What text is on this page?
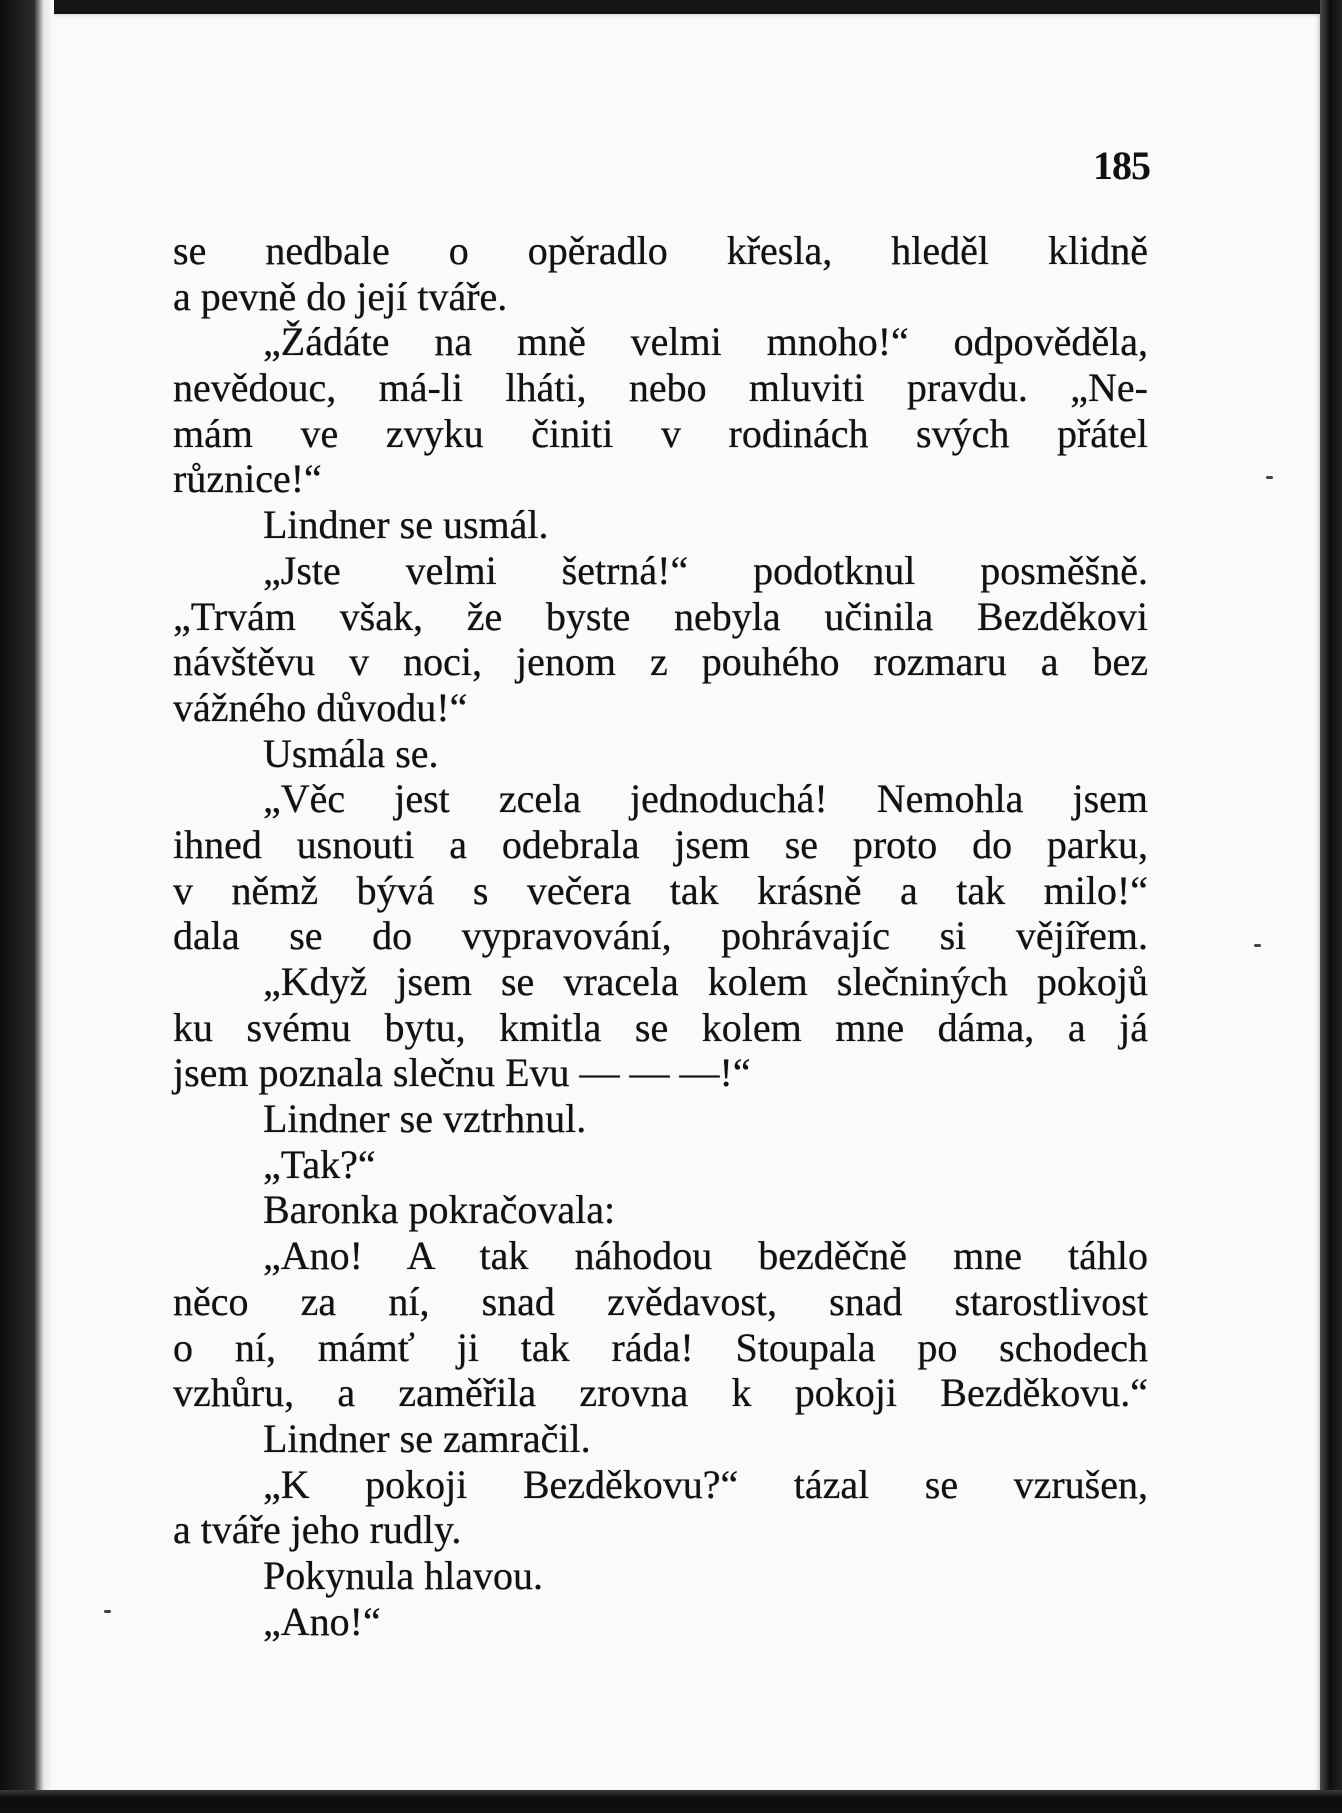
185
se nedbale o opěradlo křesla, hleděl klidně
a pevně do její tváře.
„Žádáte na mně velmi mnoho!“ odpověděla,
nevědouc, má-li lháti, nebo mluviti pravdu. „Ne-
mám ve zvyku činiti v rodinách svých přátel
různice!“
Lindner se usmál.
„Jste velmi šetrná!“ podotknul posměšně.
„Trvám však, že byste nebyla učinila Bezděkovi
návštěvu v noci, jenom z pouhého rozmaru a bez
vážného důvodu!“
Usmála se.
„Věc jest zcela jednoduchá! Nemohla jsem
ihned usnouti a odebrala jsem se proto do parku,
v němž bývá s večera tak krásně a tak milo!“
dala se do vypravování, pohrávajíc si vějířem.
„Když jsem se vracela kolem slečniných pokojů
ku svému bytu, kmitla se kolem mne dáma, a já
jsem poznala slečnu Evu — — —!“
Lindner se vztrhnul.
„Tak?“
Baronka pokračovala:
„Ano! A tak náhodou bezděčně mne táhlo
něco za ní, snad zvědavost, snad starostlivost
o ní, mámť ji tak ráda! Stoupala po schodech
vzhůru, a zaměřila zrovna k pokoji Bezděkovu.“
Lindner se zamračil.
„K pokoji Bezděkovu?“ tázal se vzrušen,
a tváře jeho rudly.
Pokynula hlavou.
„Ano!“
